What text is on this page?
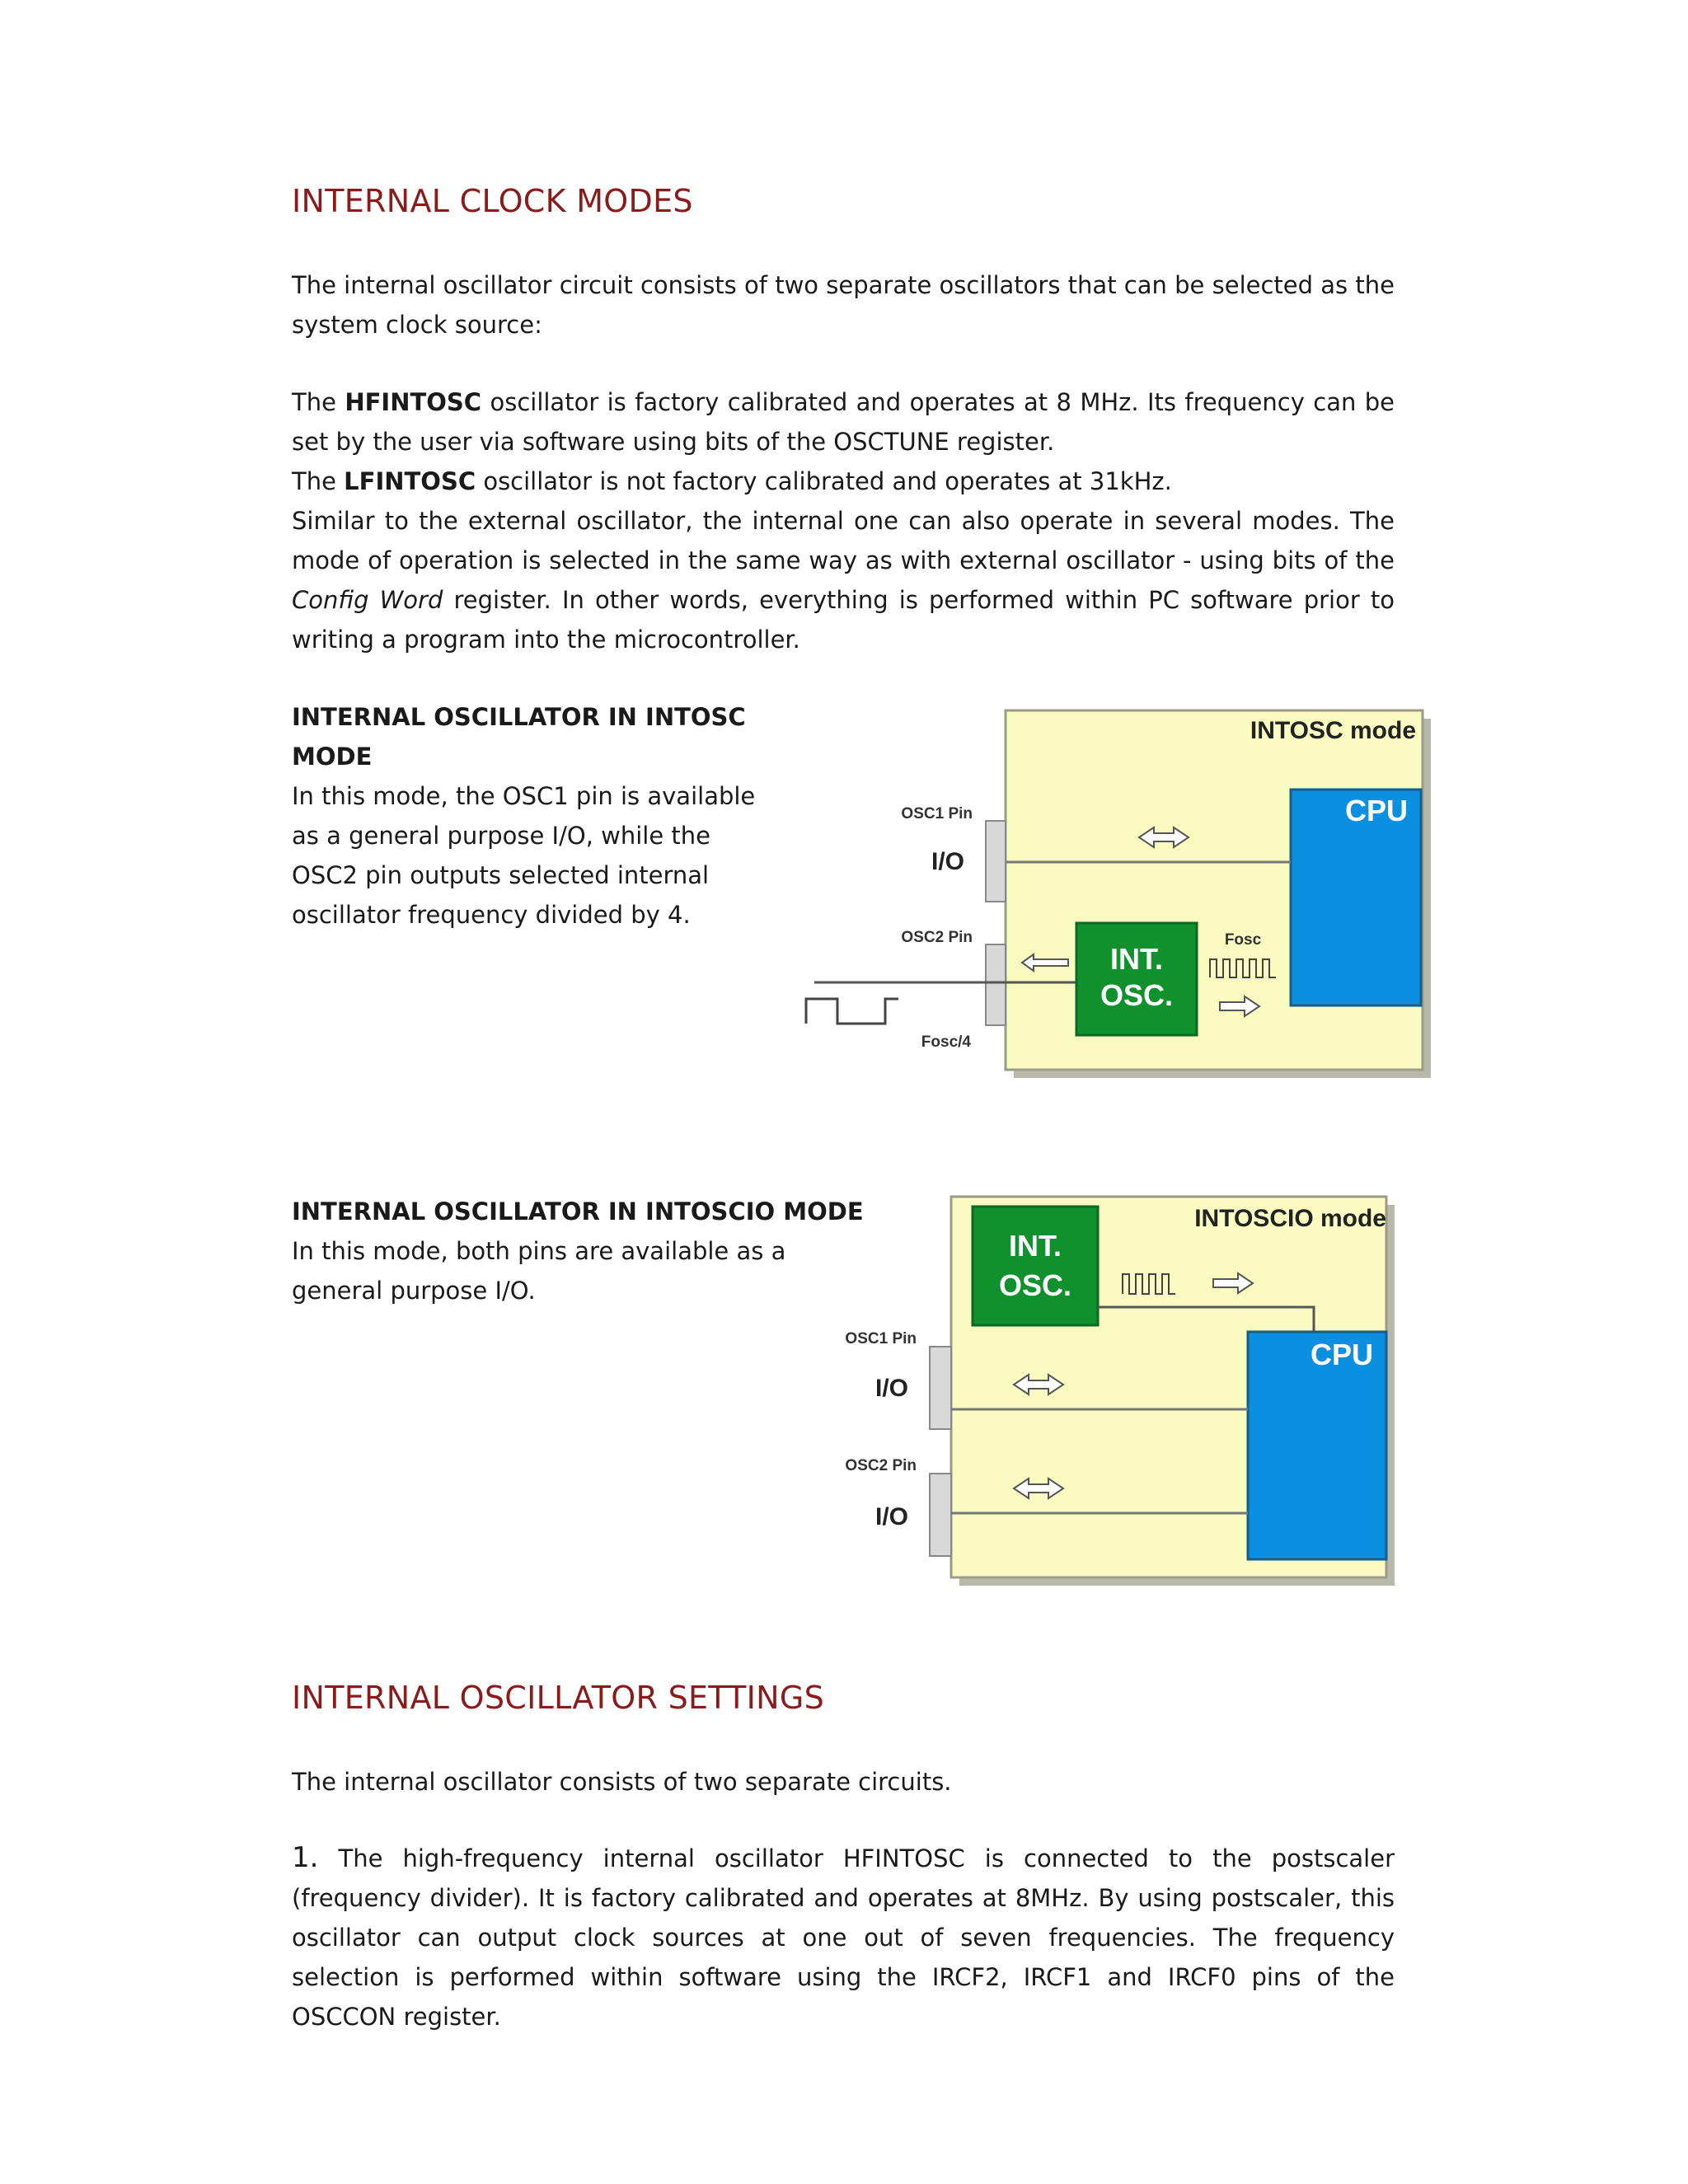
INTERNAL CLOCK MODES

The internal oscillator circuit consists of two separate oscillators that can be selected as the system clock source:

The HFINTOSC oscillator is factory calibrated and operates at 8 MHz. Its frequency can be set by the user via software using bits of the OSCTUNE register.

The LFINTOSC oscillator is not factory calibrated and operates at 31kHz.

Similar to the external oscillator, the internal one can also operate in several modes. The mode of operation is selected in the same way as with external oscillator - using bits of the Config Word register. In other words, everything is performed within PC software prior to writing a program into the microcontroller.

INTERNAL OSCILLATOR IN INTOSC
MODE
In this mode, the OSC1 pin is available
as a general purpose I/O, while the
OSC2 pin outputs selected internal
oscillator frequency divided by 4.
INTOSC mode
CPU
OSC1 Pin
I/O
OSC2 Pin
INT.
OSC.
Fosc
Fosc/4
INTERNAL OSCILLATOR IN INTOSCIO MODE
In this mode, both pins are available as a
general purpose I/O.
INTOSCIO mode
INT.
OSC.
CPU
OSC1 Pin
I/O
OSC2 Pin
I/O
INTERNAL OSCILLATOR SETTINGS

The internal oscillator consists of two separate circuits.

1. The high-frequency internal oscillator HFINTOSC is connected to the postscaler (frequency divider). It is factory calibrated and operates at 8MHz. By using postscaler, this oscillator can output clock sources at one out of seven frequencies. The frequency selection is performed within software using the IRCF2, IRCF1 and IRCF0 pins of the OSCCON register.
